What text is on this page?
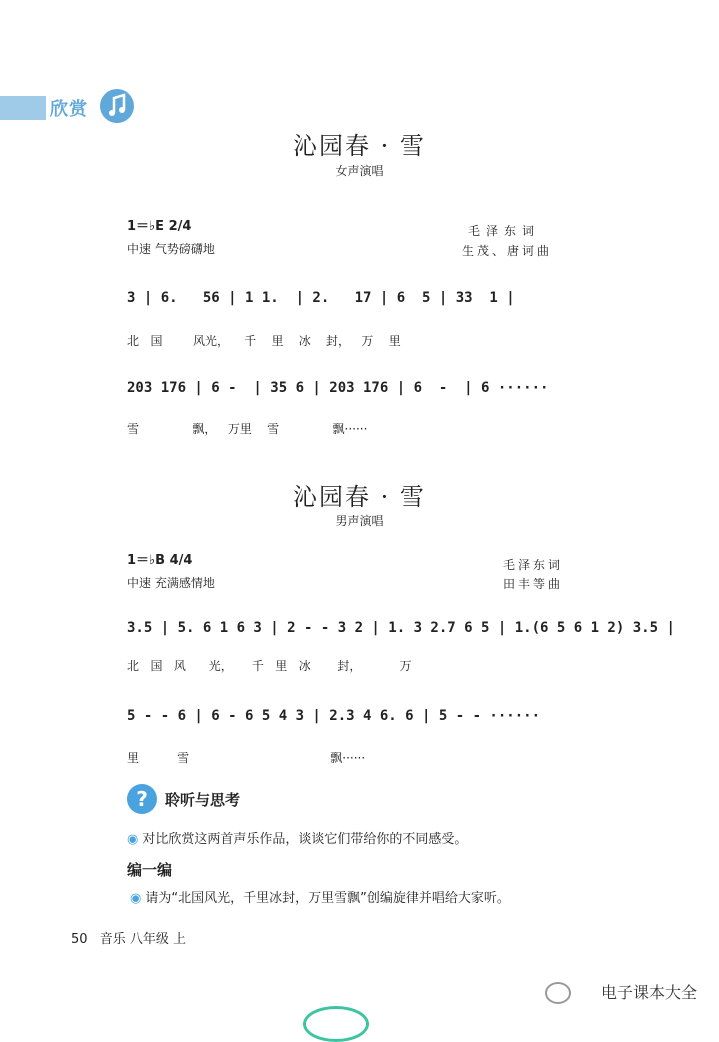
欣赏
沁园春 · 雪
女声演唱
1＝♭E 2/4
中速 气势磅礴地
毛泽东词
生茂、唐诃曲
3 | 6.   56 | 1 1.  | 2.   17 | 6  5 | 33  1 |
北   国        风光，    千    里    冰    封，   万    里
203 176 | 6 -  | 35 6 | 203 176 | 6  -  | 6 ······
雪              飘，   万里    雪              飘······
沁园春 · 雪
男声演唱
1＝♭B 4/4
中速 充满感情地
毛泽东词
田丰等曲
3.5 | 5. 6 1 6 3 | 2 - - 3 2 | 1. 3 2.7 6 5 | 1.(6 5 6 1 2) 3.5 |
北   国   风      光，     千   里   冰       封，          万
5 - - 6 | 6 - 6 5 4 3 | 2.3 4 6. 6 | 5 - - ······
里          雪                                     飘······
?	聆听与思考
◉ 对比欣赏这两首声乐作品，谈谈它们带给你的不同感受。
编一编
◉ 请为“北国风光，千里冰封，万里雪飘”创编旋律并唱给大家听。
50 音乐 八年级 上
电子课本大全
